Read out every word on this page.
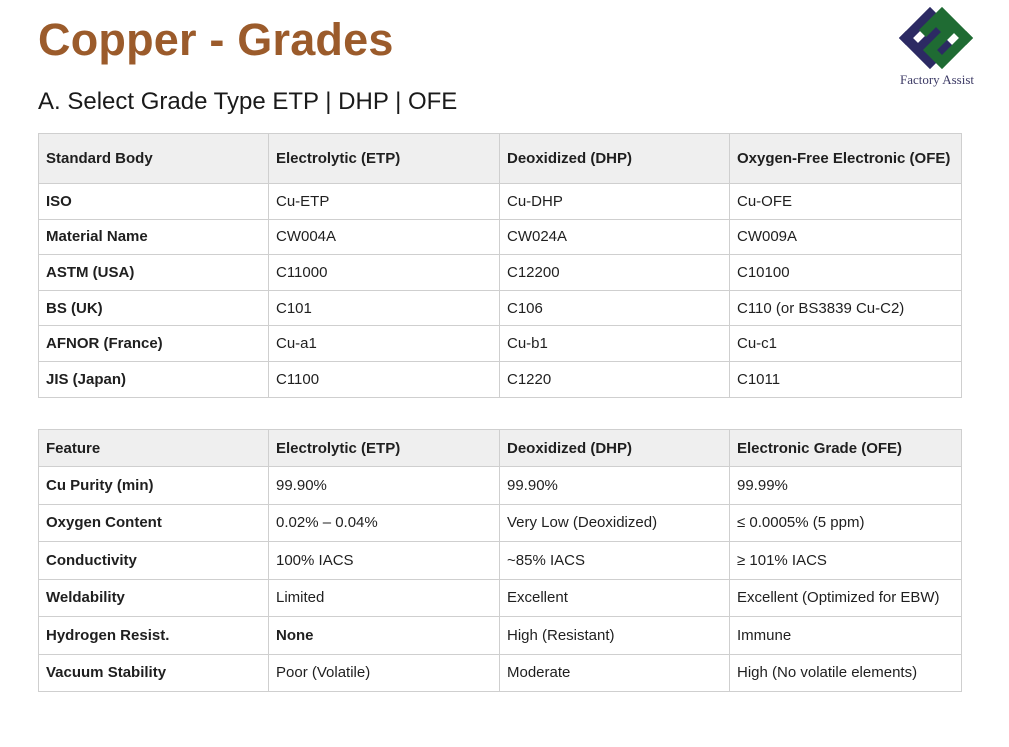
Copper - Grades
A. Select Grade Type ETP | DHP | OFE
Factory Assist
Standard Body	Electrolytic (ETP)	Deoxidized (DHP)	Oxygen-Free Electronic (OFE)
ISO	Cu-ETP	Cu-DHP	Cu-OFE
Material Name	CW004A	CW024A	CW009A
ASTM (USA)	C11000	C12200	C10100
BS (UK)	C101	C106	C110 (or BS3839 Cu-C2)
AFNOR (France)	Cu-a1	Cu-b1	Cu-c1
JIS (Japan)	C1100	C1220	C1011
Feature	Electrolytic (ETP)	Deoxidized (DHP)	Electronic Grade (OFE)
Cu Purity (min)	99.90%	99.90%	99.99%
Oxygen Content	0.02% – 0.04%	Very Low (Deoxidized)	≤ 0.0005% (5 ppm)
Conductivity	100% IACS	~85% IACS	≥ 101% IACS
Weldability	Limited	Excellent	Excellent (Optimized for EBW)
Hydrogen Resist.	None	High (Resistant)	Immune
Vacuum Stability	Poor (Volatile)	Moderate	High (No volatile elements)
